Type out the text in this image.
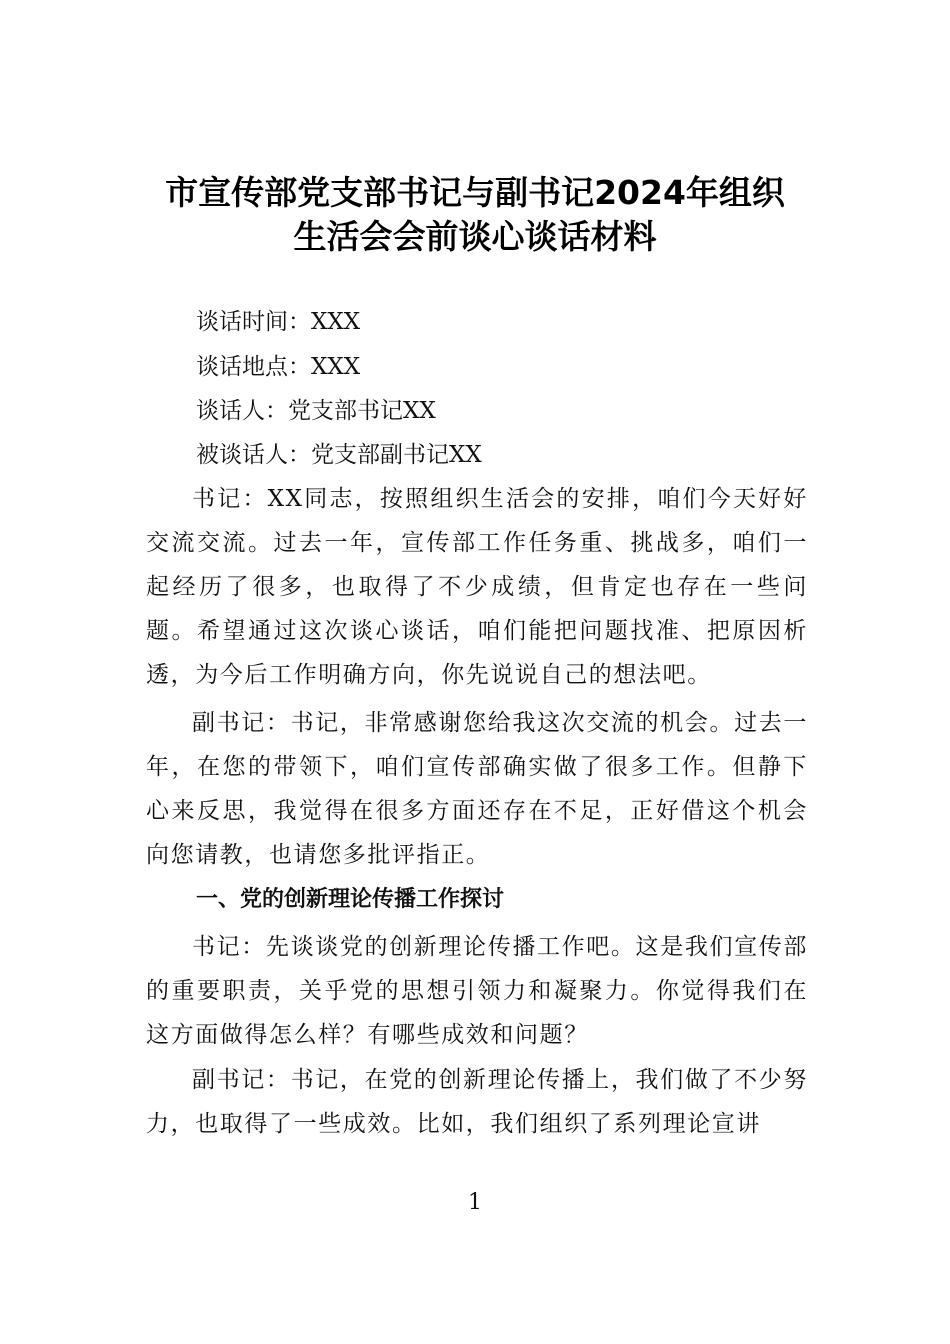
市宣传部党支部书记与副书记2024年组织
生活会会前谈心谈话材料
谈话时间：XXX
谈话地点：XXX
谈话人：党支部书记XX
被谈话人：党支部副书记XX

书记：XX同志，按照组织生活会的安排，咱们今天好好交流交流。过去一年，宣传部工作任务重、挑战多，咱们一起经历了很多，也取得了不少成绩，但肯定也存在一些问题。希望通过这次谈心谈话，咱们能把问题找准、把原因析透，为今后工作明确方向，你先说说自己的想法吧。

副书记：书记，非常感谢您给我这次交流的机会。过去一年，在您的带领下，咱们宣传部确实做了很多工作。但静下心来反思，我觉得在很多方面还存在不足，正好借这个机会向您请教，也请您多批评指正。

一、党的创新理论传播工作探讨

书记：先谈谈党的创新理论传播工作吧。这是我们宣传部的重要职责，关乎党的思想引领力和凝聚力。你觉得我们在这方面做得怎么样？有哪些成效和问题？

副书记：书记，在党的创新理论传播上，我们做了不少努力，也取得了一些成效。比如，我们组织了系列理论宣讲

1
